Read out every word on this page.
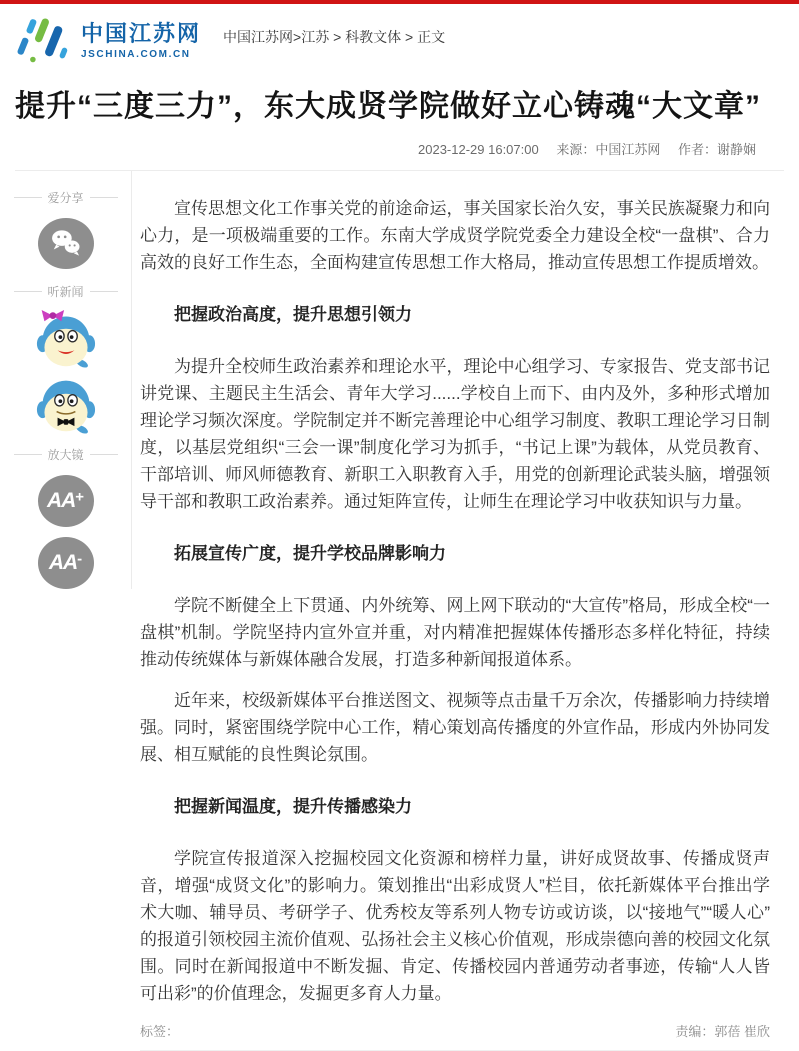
中国江苏网
JSCHINA.COM.CN
中国江苏网>江苏 > 科教文体 > 正文
提升“三度三力”，东大成贤学院做好立心铸魂“大文章”
2023-12-29 16:07:00 来源：中国江苏网 作者：谢静娴
爱分享
听新闻
放大镜
AA+
AA-

宣传思想文化工作事关党的前途命运，事关国家长治久安，事关民族凝聚力和向心力，是一项极端重要的工作。东南大学成贤学院党委全力建设全校“一盘棋”、合力高效的良好工作生态，全面构建宣传思想工作大格局，推动宣传思想工作提质增效。

把握政治高度，提升思想引领力

为提升全校师生政治素养和理论水平，理论中心组学习、专家报告、党支部书记讲党课、主题民主生活会、青年大学习......学校自上而下、由内及外，多种形式增加理论学习频次深度。学院制定并不断完善理论中心组学习制度、教职工理论学习日制度，以基层党组织“三会一课”制度化学习为抓手，“书记上课”为载体，从党员教育、干部培训、师风师德教育、新职工入职教育入手，用党的创新理论武装头脑，增强领导干部和教职工政治素养。通过矩阵宣传，让师生在理论学习中收获知识与力量。

拓展宣传广度，提升学校品牌影响力

学院不断健全上下贯通、内外统筹、网上网下联动的“大宣传”格局，形成全校“一盘棋”机制。学院坚持内宣外宣并重，对内精准把握媒体传播形态多样化特征，持续推动传统媒体与新媒体融合发展，打造多种新闻报道体系。

近年来，校级新媒体平台推送图文、视频等点击量千万余次，传播影响力持续增强。同时，紧密围绕学院中心工作，精心策划高传播度的外宣作品，形成内外协同发展、相互赋能的良性舆论氛围。

把握新闻温度，提升传播感染力

学院宣传报道深入挖掘校园文化资源和榜样力量，讲好成贤故事、传播成贤声音，增强“成贤文化”的影响力。策划推出“出彩成贤人”栏目，依托新媒体平台推出学术大咖、辅导员、考研学子、优秀校友等系列人物专访或访谈，以“接地气”“暖人心”的报道引领校园主流价值观、弘扬社会主义核心价值观，形成崇德向善的校园文化氛围。同时在新闻报道中不断发掘、肯定、传播校园内普通劳动者事迹，传输“人人皆可出彩”的价值理念，发掘更多育人力量。

标签：	责编：郭蓓 崔欣
